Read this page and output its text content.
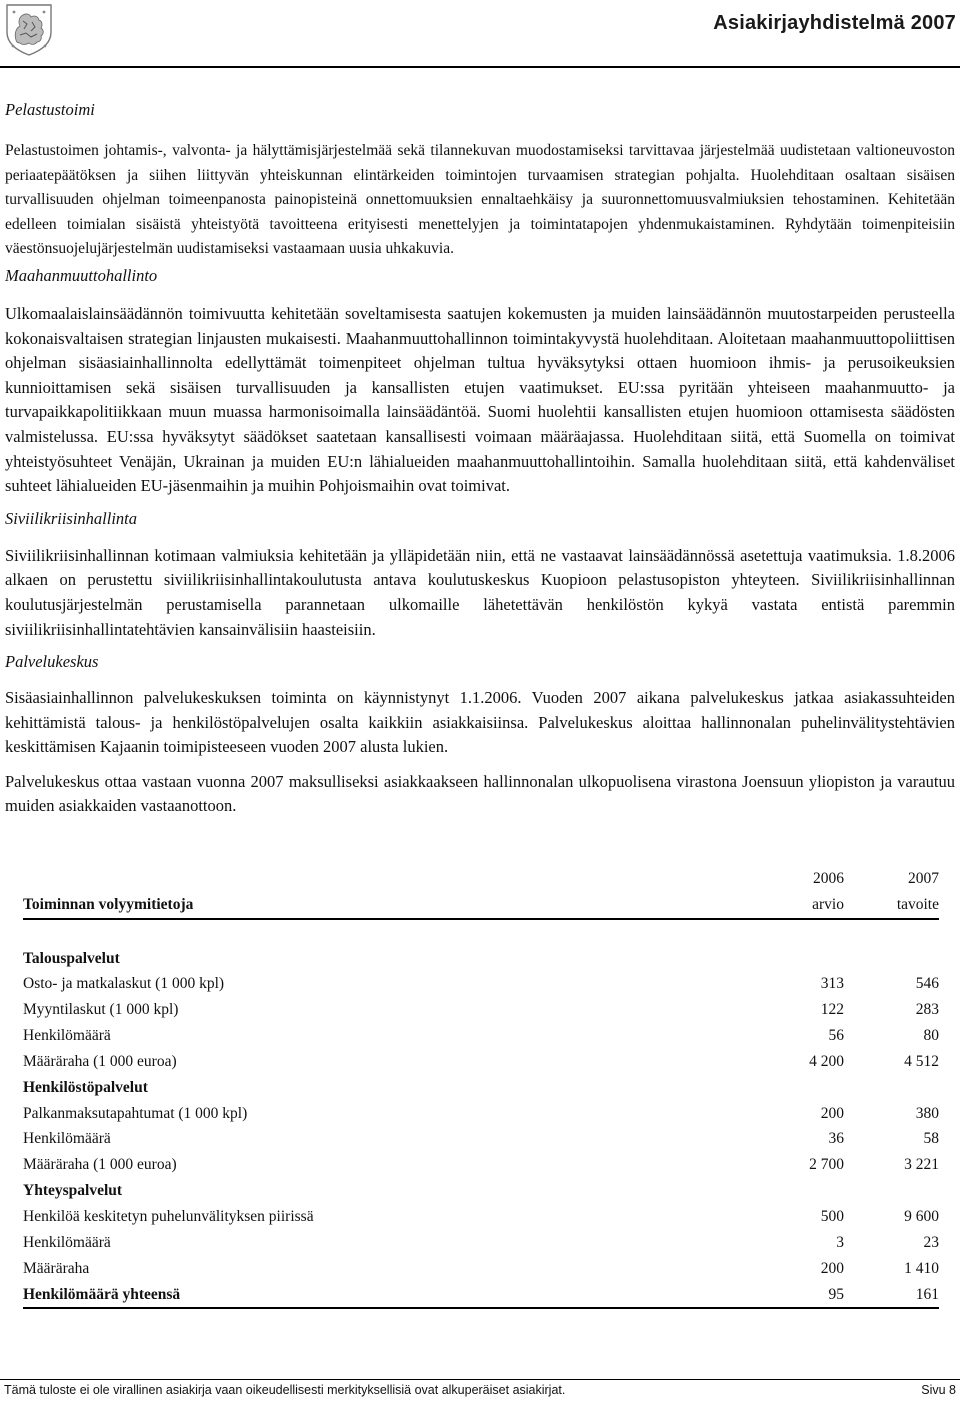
Asiakirjayhdistelmä 2007
Pelastustoimi

Pelastustoimen johtamis-, valvonta- ja hälyttämisjärjestelmää sekä tilannekuvan muodostamiseksi tarvittavaa järjestelmää uudistetaan valtioneuvoston periaatepäätöksen ja siihen liittyvän yhteiskunnan elintärkeiden toimintojen turvaamisen strategian pohjalta. Huolehditaan osaltaan sisäisen turvallisuuden ohjelman toimeenpanosta painopisteinä onnettomuuksien ennaltaehkäisy ja suuronnettomuusvalmiuksien tehostaminen. Kehitetään edelleen toimialan sisäistä yhteistyötä tavoitteena erityisesti menettelyjen ja toimintatapojen yhdenmukaistaminen. Ryhdytään toimenpiteisiin väestönsuojelujärjestelmän uudistamiseksi vastaamaan uusia uhkakuvia.

Maahanmuuttohallinto

Ulkomaalaislainsäädännön toimivuutta kehitetään soveltamisesta saatujen kokemusten ja muiden lainsäädännön muutostarpeiden perusteella kokonaisvaltaisen strategian linjausten mukaisesti. Maahanmuuttohallinnon toimintakyvystä huolehditaan. Aloitetaan maahanmuuttopoliittisen ohjelman sisäasiainhallinnolta edellyttämät toimenpiteet ohjelman tultua hyväksytyksi ottaen huomioon ihmis- ja perusoikeuksien kunnioittamisen sekä sisäisen turvallisuuden ja kansallisten etujen vaatimukset. EU:ssa pyritään yhteiseen maahanmuutto- ja turvapaikkapolitiikkaan muun muassa harmonisoimalla lainsäädäntöä. Suomi huolehtii kansallisten etujen huomioon ottamisesta säädösten valmistelussa. EU:ssa hyväksytyt säädökset saatetaan kansallisesti voimaan määräajassa. Huolehditaan siitä, että Suomella on toimivat yhteistyösuhteet Venäjän, Ukrainan ja muiden EU:n lähialueiden maahanmuuttohallintoihin. Samalla huolehditaan siitä, että kahdenväliset suhteet lähialueiden EU-jäsenmaihin ja muihin Pohjoismaihin ovat toimivat.

Siviilikriisinhallinta

Siviilikriisinhallinnan kotimaan valmiuksia kehitetään ja ylläpidetään niin, että ne vastaavat lainsäädännössä asetettuja vaatimuksia. 1.8.2006 alkaen on perustettu siviilikriisinhallintakoulutusta antava koulutuskeskus Kuopioon pelastusopiston yhteyteen. Siviilikriisinhallinnan koulutusjärjestelmän perustamisella parannetaan ulkomaille lähetettävän henkilöstön kykyä vastata entistä paremmin siviilikriisinhallintatehtävien kansainvälisiin haasteisiin.

Palvelukeskus

Sisäasiainhallinnon palvelukeskuksen toiminta on käynnistynyt 1.1.2006. Vuoden 2007 aikana palvelukeskus jatkaa asiakassuhteiden kehittämistä talous- ja henkilöstöpalvelujen osalta kaikkiin asiakkaisiinsa. Palvelukeskus aloittaa hallinnonalan puhelinvälitystehtävien keskittämisen Kajaanin toimipisteeseen vuoden 2007 alusta lukien.

Palvelukeskus ottaa vastaan vuonna 2007 maksulliseksi asiakkaakseen hallinnonalan ulkopuolisena virastona Joensuun yliopiston ja varautuu muiden asiakkaiden vastaanottoon.

	2006	2007
Toiminnan volyymitietoja	arvio	tavoite

Talouspalvelut		
Osto- ja matkalaskut (1 000 kpl)	313	546
Myyntilaskut (1 000 kpl)	122	283
Henkilömäärä	56	80
Määräraha (1 000 euroa)	4 200	4 512
Henkilöstöpalvelut		
Palkanmaksutapahtumat (1 000 kpl)	200	380
Henkilömäärä	36	58
Määräraha (1 000 euroa)	2 700	3 221
Yhteyspalvelut		
Henkilöä keskitetyn puhelunvälityksen piirissä	500	9 600
Henkilömäärä	3	23
Määräraha	200	1 410
Henkilömäärä yhteensä	95	161
Tämä tuloste ei ole virallinen asiakirja vaan oikeudellisesti merkityksellisiä ovat alkuperäiset asiakirjat.	Sivu 8
